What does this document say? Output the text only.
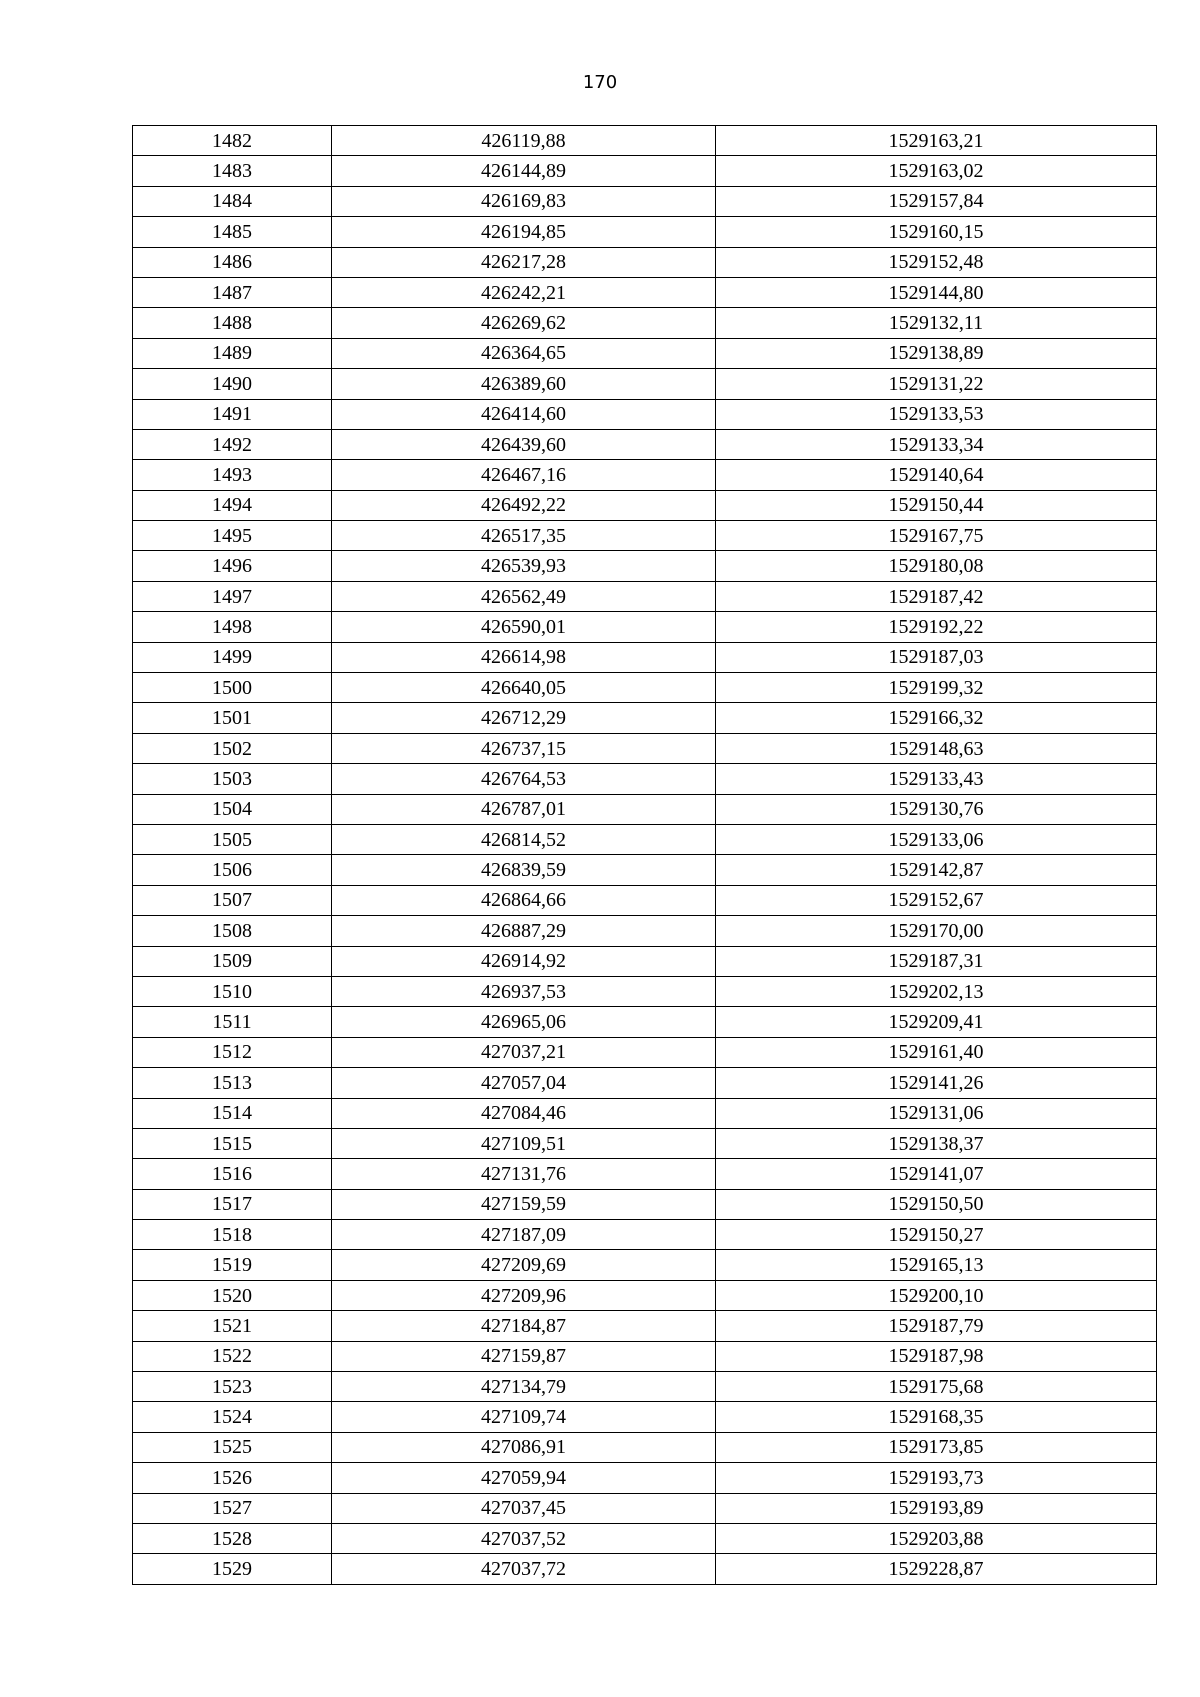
170
1482	426119,88	1529163,21
1483	426144,89	1529163,02
1484	426169,83	1529157,84
1485	426194,85	1529160,15
1486	426217,28	1529152,48
1487	426242,21	1529144,80
1488	426269,62	1529132,11
1489	426364,65	1529138,89
1490	426389,60	1529131,22
1491	426414,60	1529133,53
1492	426439,60	1529133,34
1493	426467,16	1529140,64
1494	426492,22	1529150,44
1495	426517,35	1529167,75
1496	426539,93	1529180,08
1497	426562,49	1529187,42
1498	426590,01	1529192,22
1499	426614,98	1529187,03
1500	426640,05	1529199,32
1501	426712,29	1529166,32
1502	426737,15	1529148,63
1503	426764,53	1529133,43
1504	426787,01	1529130,76
1505	426814,52	1529133,06
1506	426839,59	1529142,87
1507	426864,66	1529152,67
1508	426887,29	1529170,00
1509	426914,92	1529187,31
1510	426937,53	1529202,13
1511	426965,06	1529209,41
1512	427037,21	1529161,40
1513	427057,04	1529141,26
1514	427084,46	1529131,06
1515	427109,51	1529138,37
1516	427131,76	1529141,07
1517	427159,59	1529150,50
1518	427187,09	1529150,27
1519	427209,69	1529165,13
1520	427209,96	1529200,10
1521	427184,87	1529187,79
1522	427159,87	1529187,98
1523	427134,79	1529175,68
1524	427109,74	1529168,35
1525	427086,91	1529173,85
1526	427059,94	1529193,73
1527	427037,45	1529193,89
1528	427037,52	1529203,88
1529	427037,72	1529228,87
